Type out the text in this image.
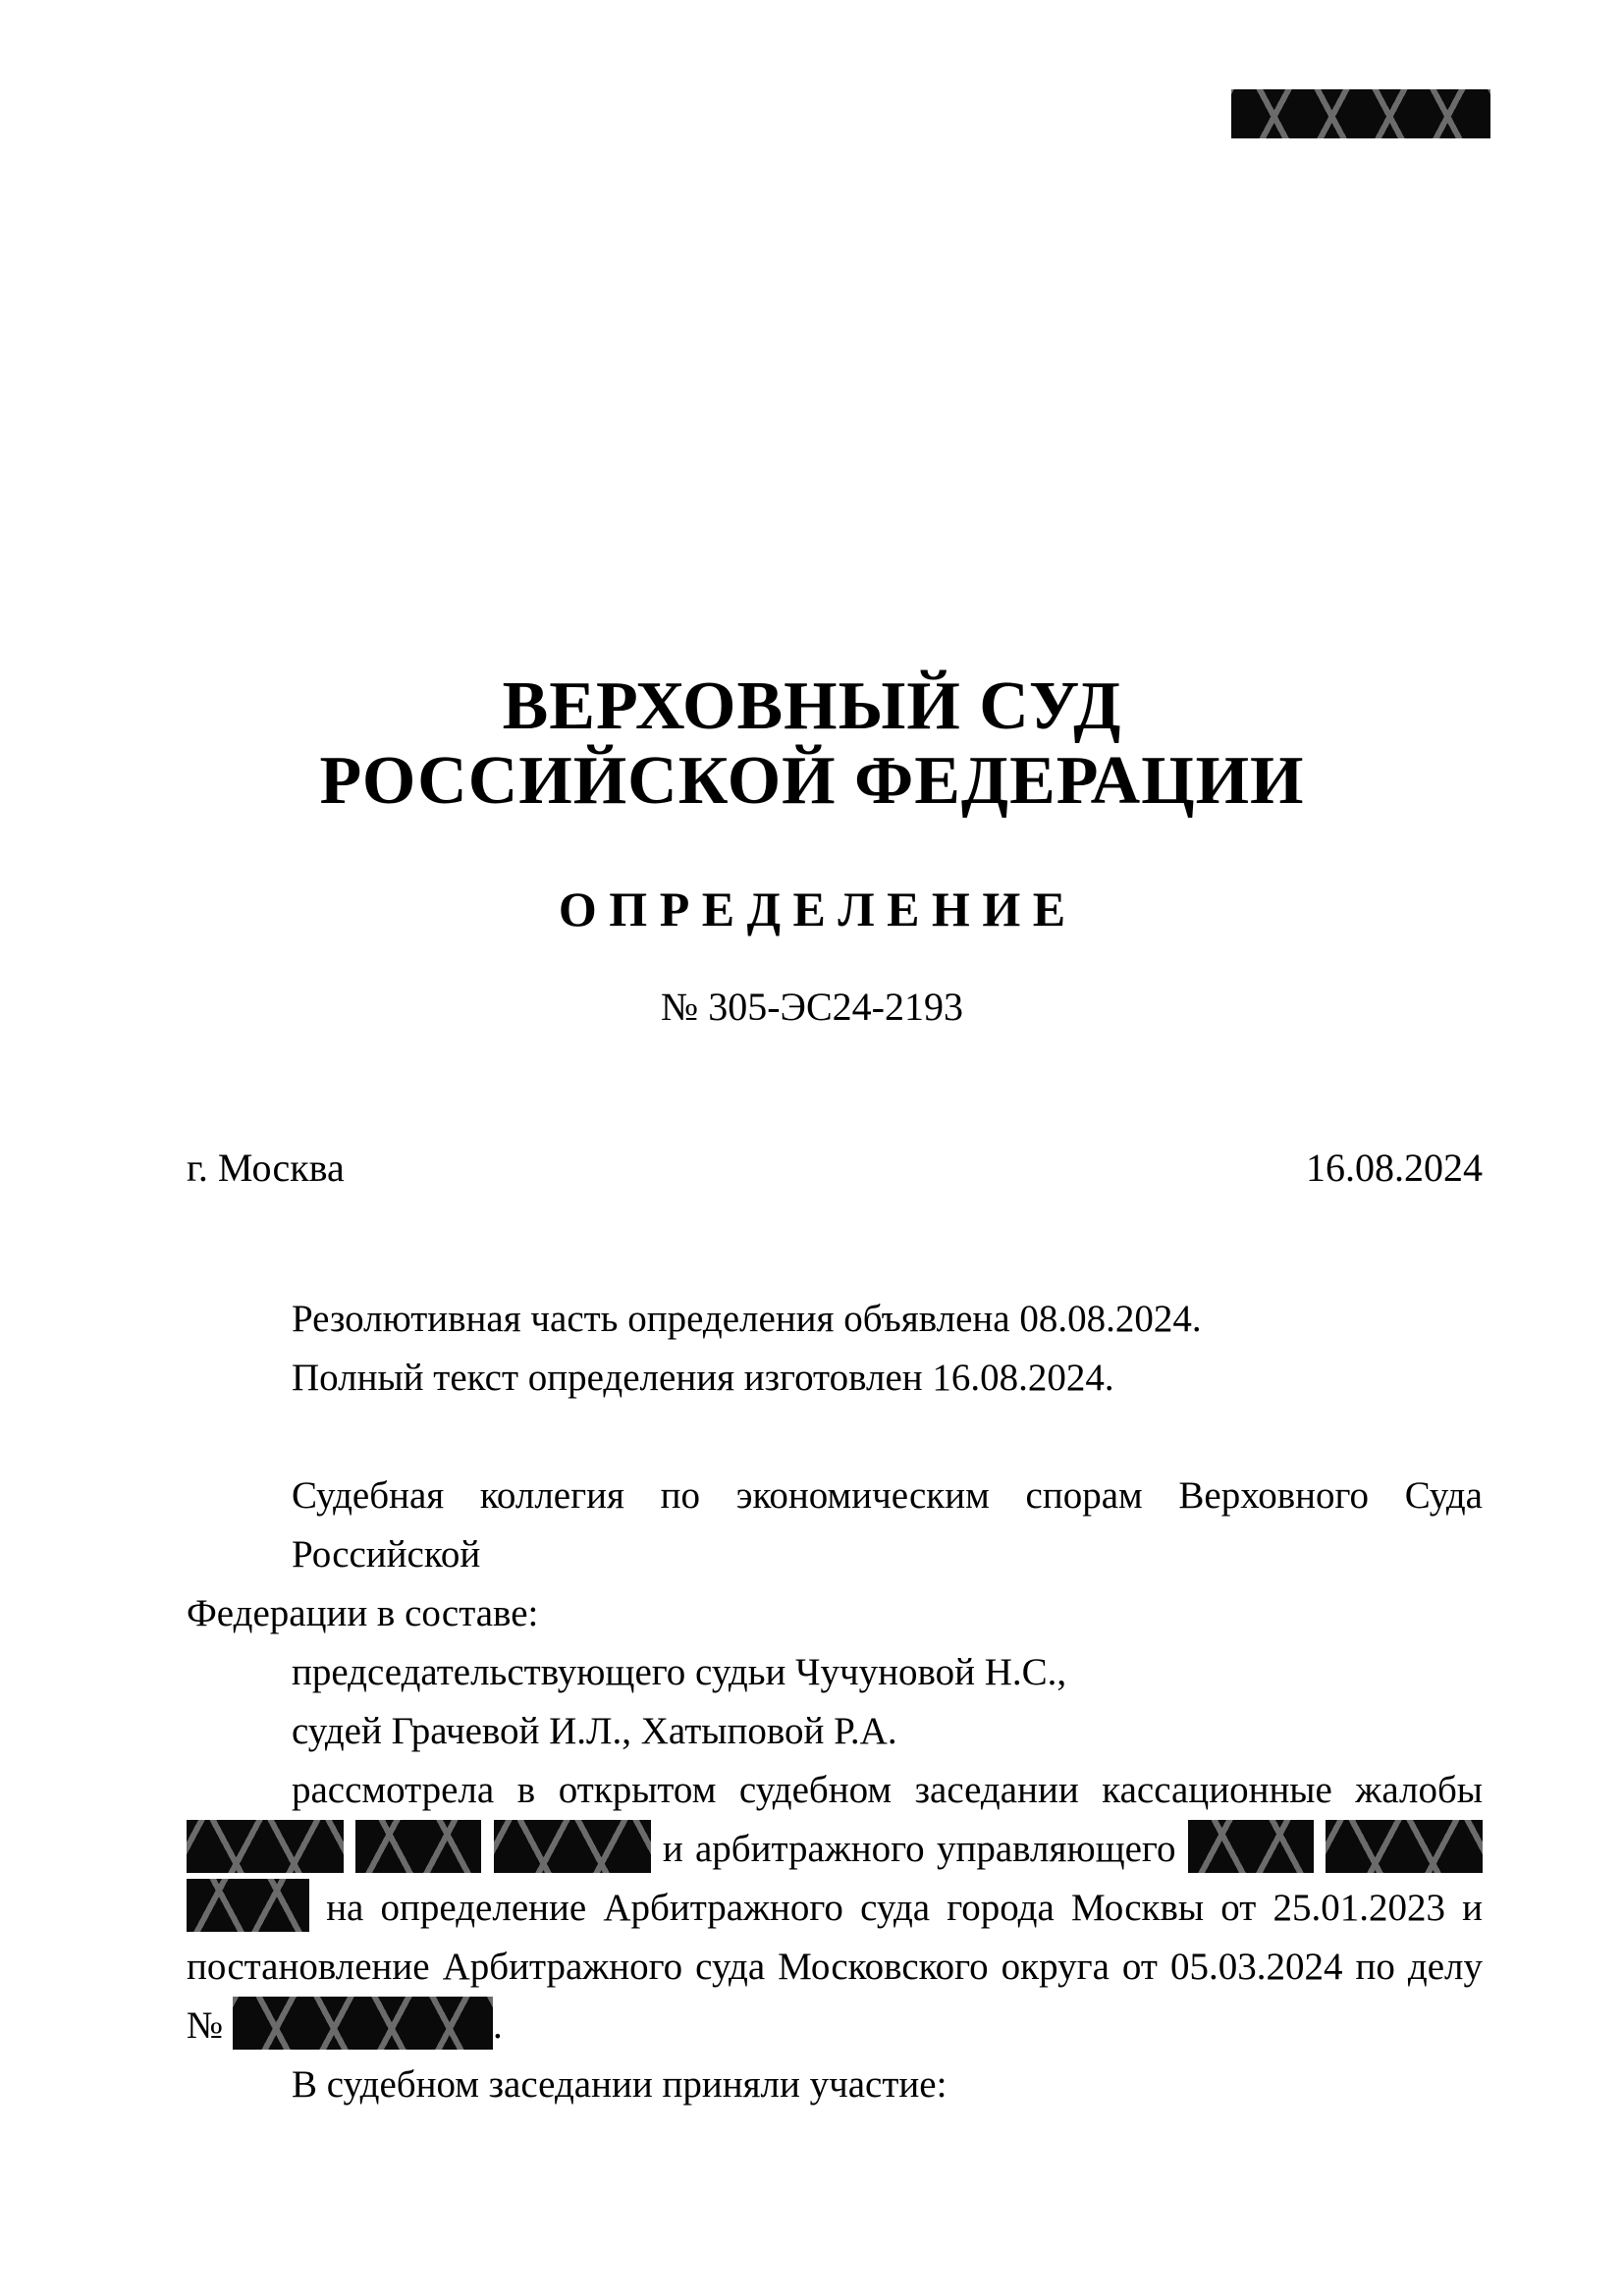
ВЕРХОВНЫЙ СУД
РОССИЙСКОЙ ФЕДЕРАЦИИ
О П Р Е Д Е Л Е Н И Е
№ 305-ЭС24-2193
г. Москва	16.08.2024
Резолютивная часть определения объявлена 08.08.2024.
Полный текст определения изготовлен 16.08.2024.
Судебная коллегия по экономическим спорам Верховного Суда Российской
Федерации в составе:
председательствующего судьи Чучуновой Н.С.,
судей Грачевой И.Л., Хатыповой Р.А.
рассмотрела в открытом судебном заседании кассационные жалобы
и арбитражного управляющего
на определение Арбитражного суда города Москвы от 25.01.2023 и
постановление Арбитражного суда Московского округа от 05.03.2024 по делу
№	.
В судебном заседании приняли участие:
